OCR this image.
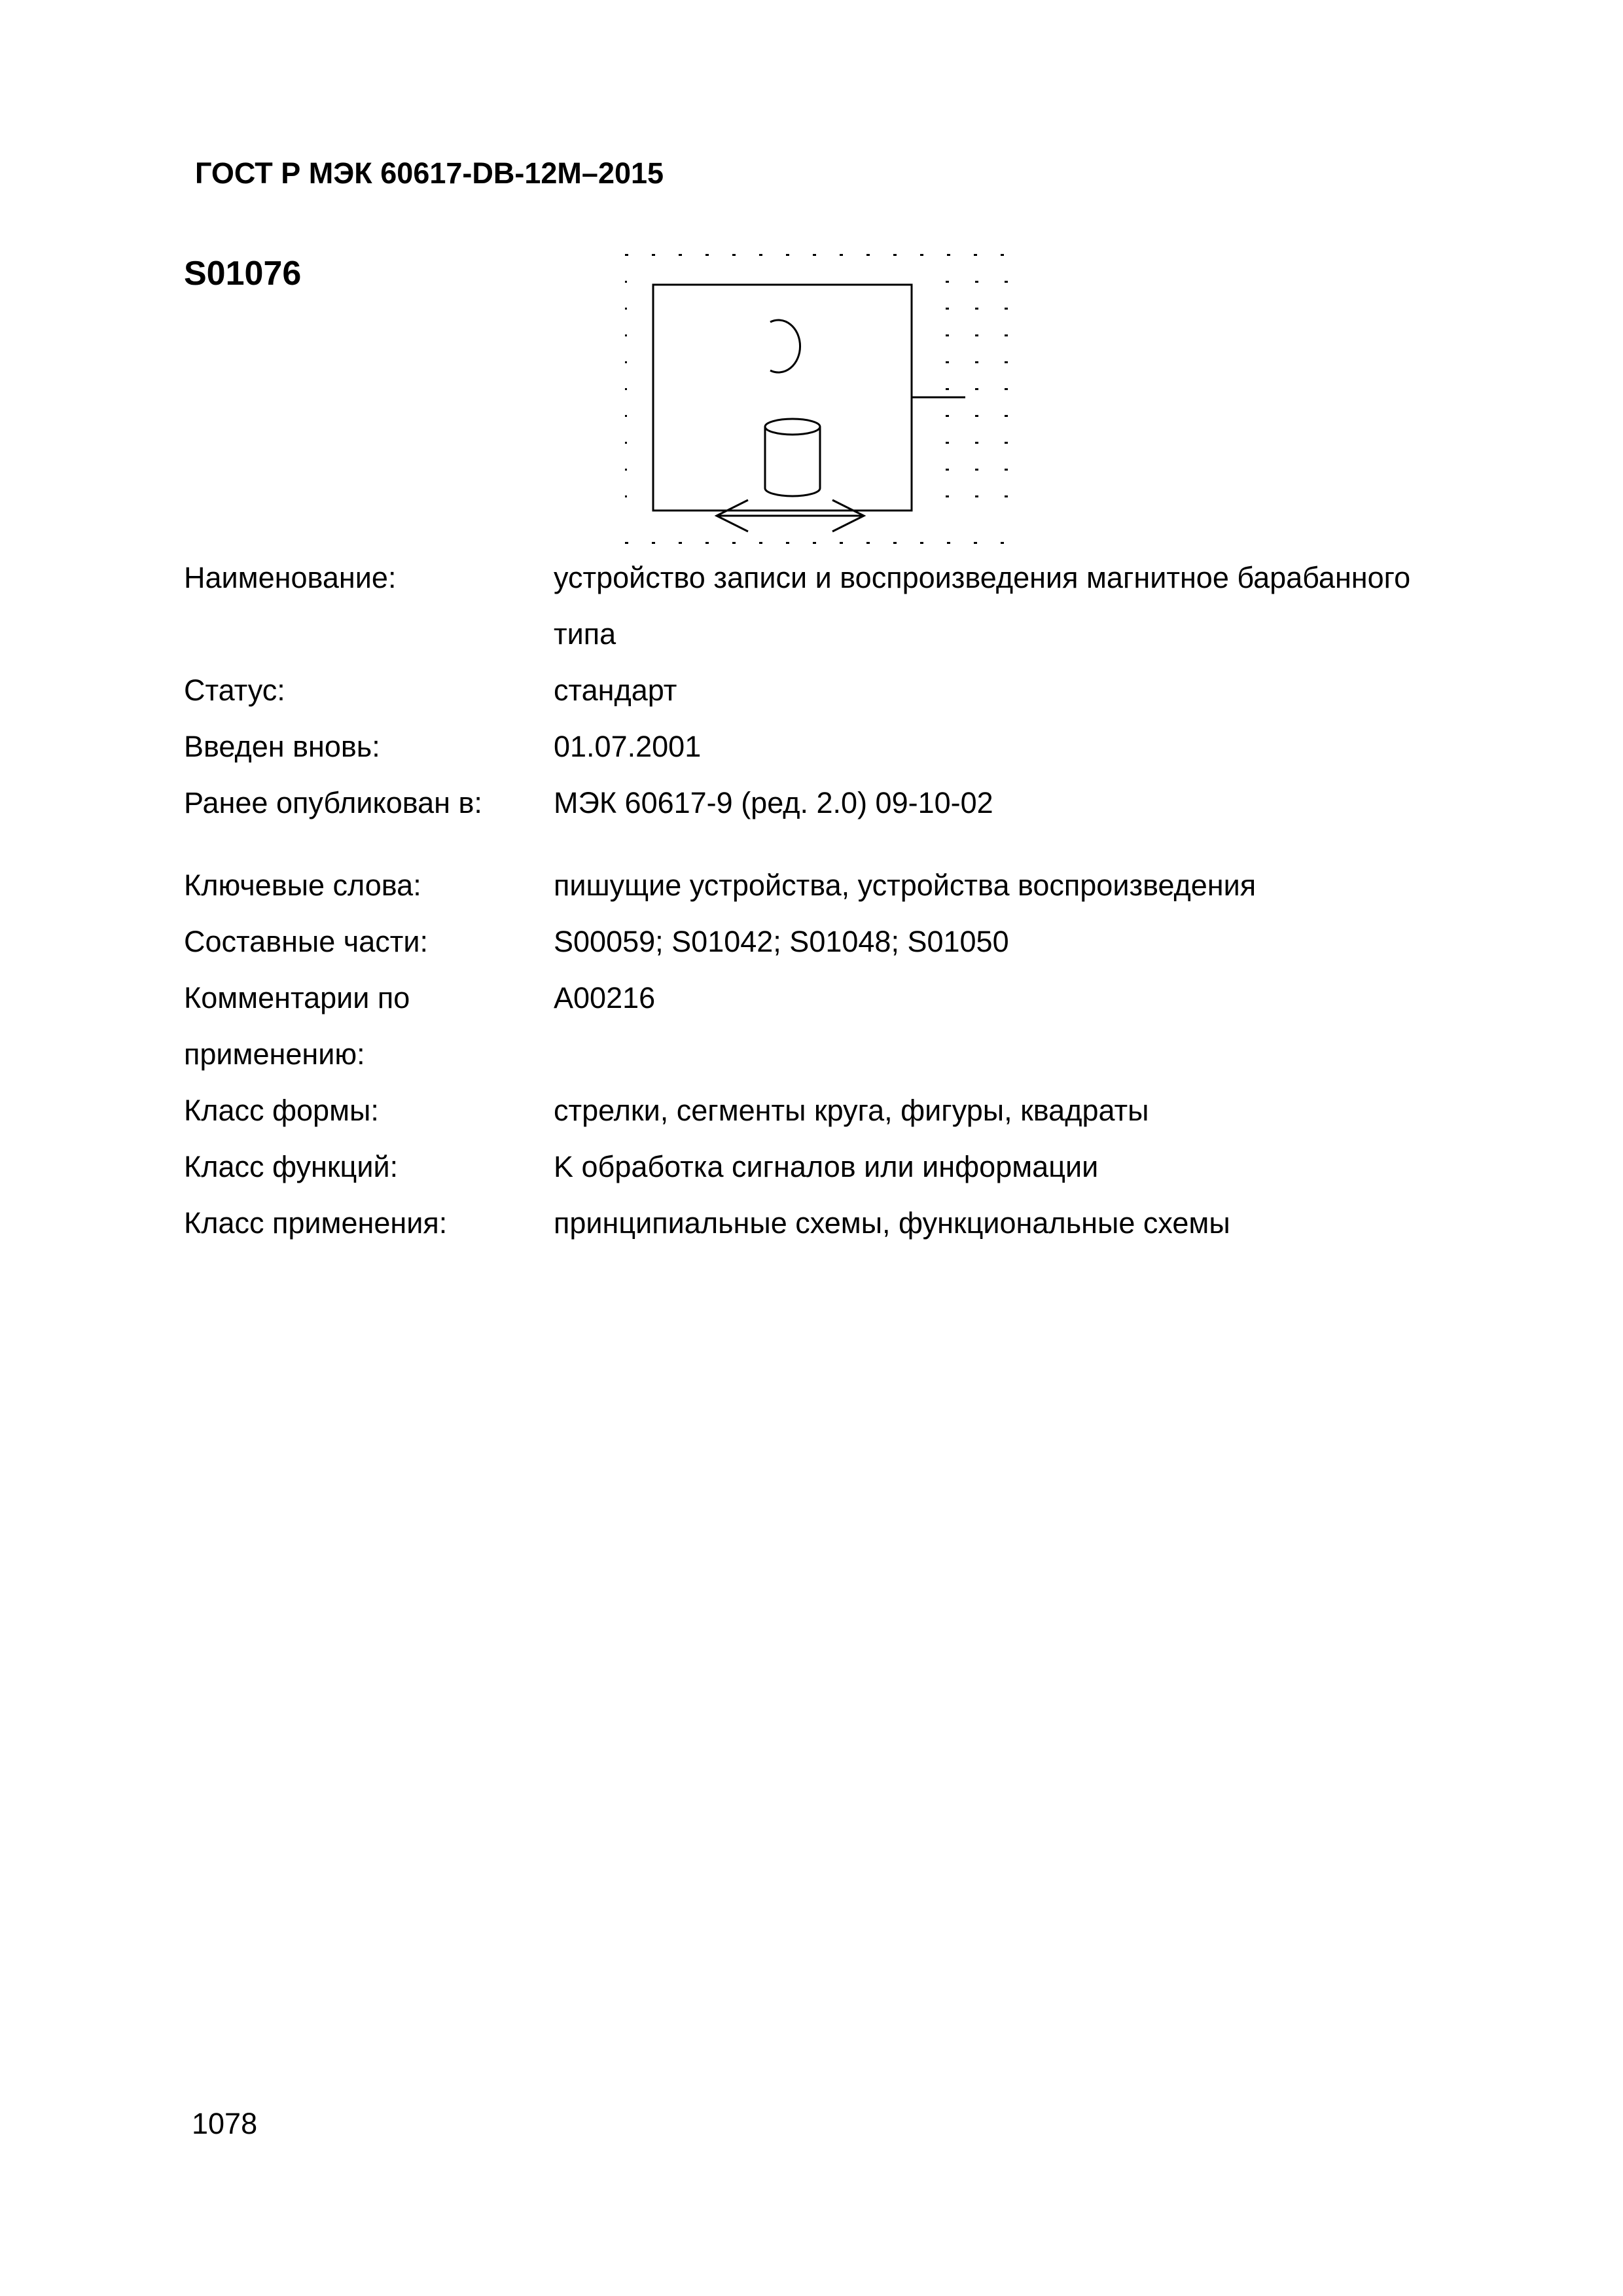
ГОСТ Р МЭК 60617-DB-12М–2015
S01076
Наименование:	устройство записи и воспроизведения магнитное барабанного типа
Статус:	стандарт
Введен вновь:	01.07.2001
Ранее опубликован в:	МЭК 60617-9 (ред. 2.0) 09-10-02
Ключевые слова:	пишущие устройства, устройства воспроизведения
Составные части:	S00059; S01042; S01048; S01050
Комментарии по применению:
A00216
Класс формы:	стрелки, сегменты круга, фигуры, квадраты
Класс функций:	K обработка сигналов или информации
Класс применения:	принципиальные схемы, функциональные схемы
1078
